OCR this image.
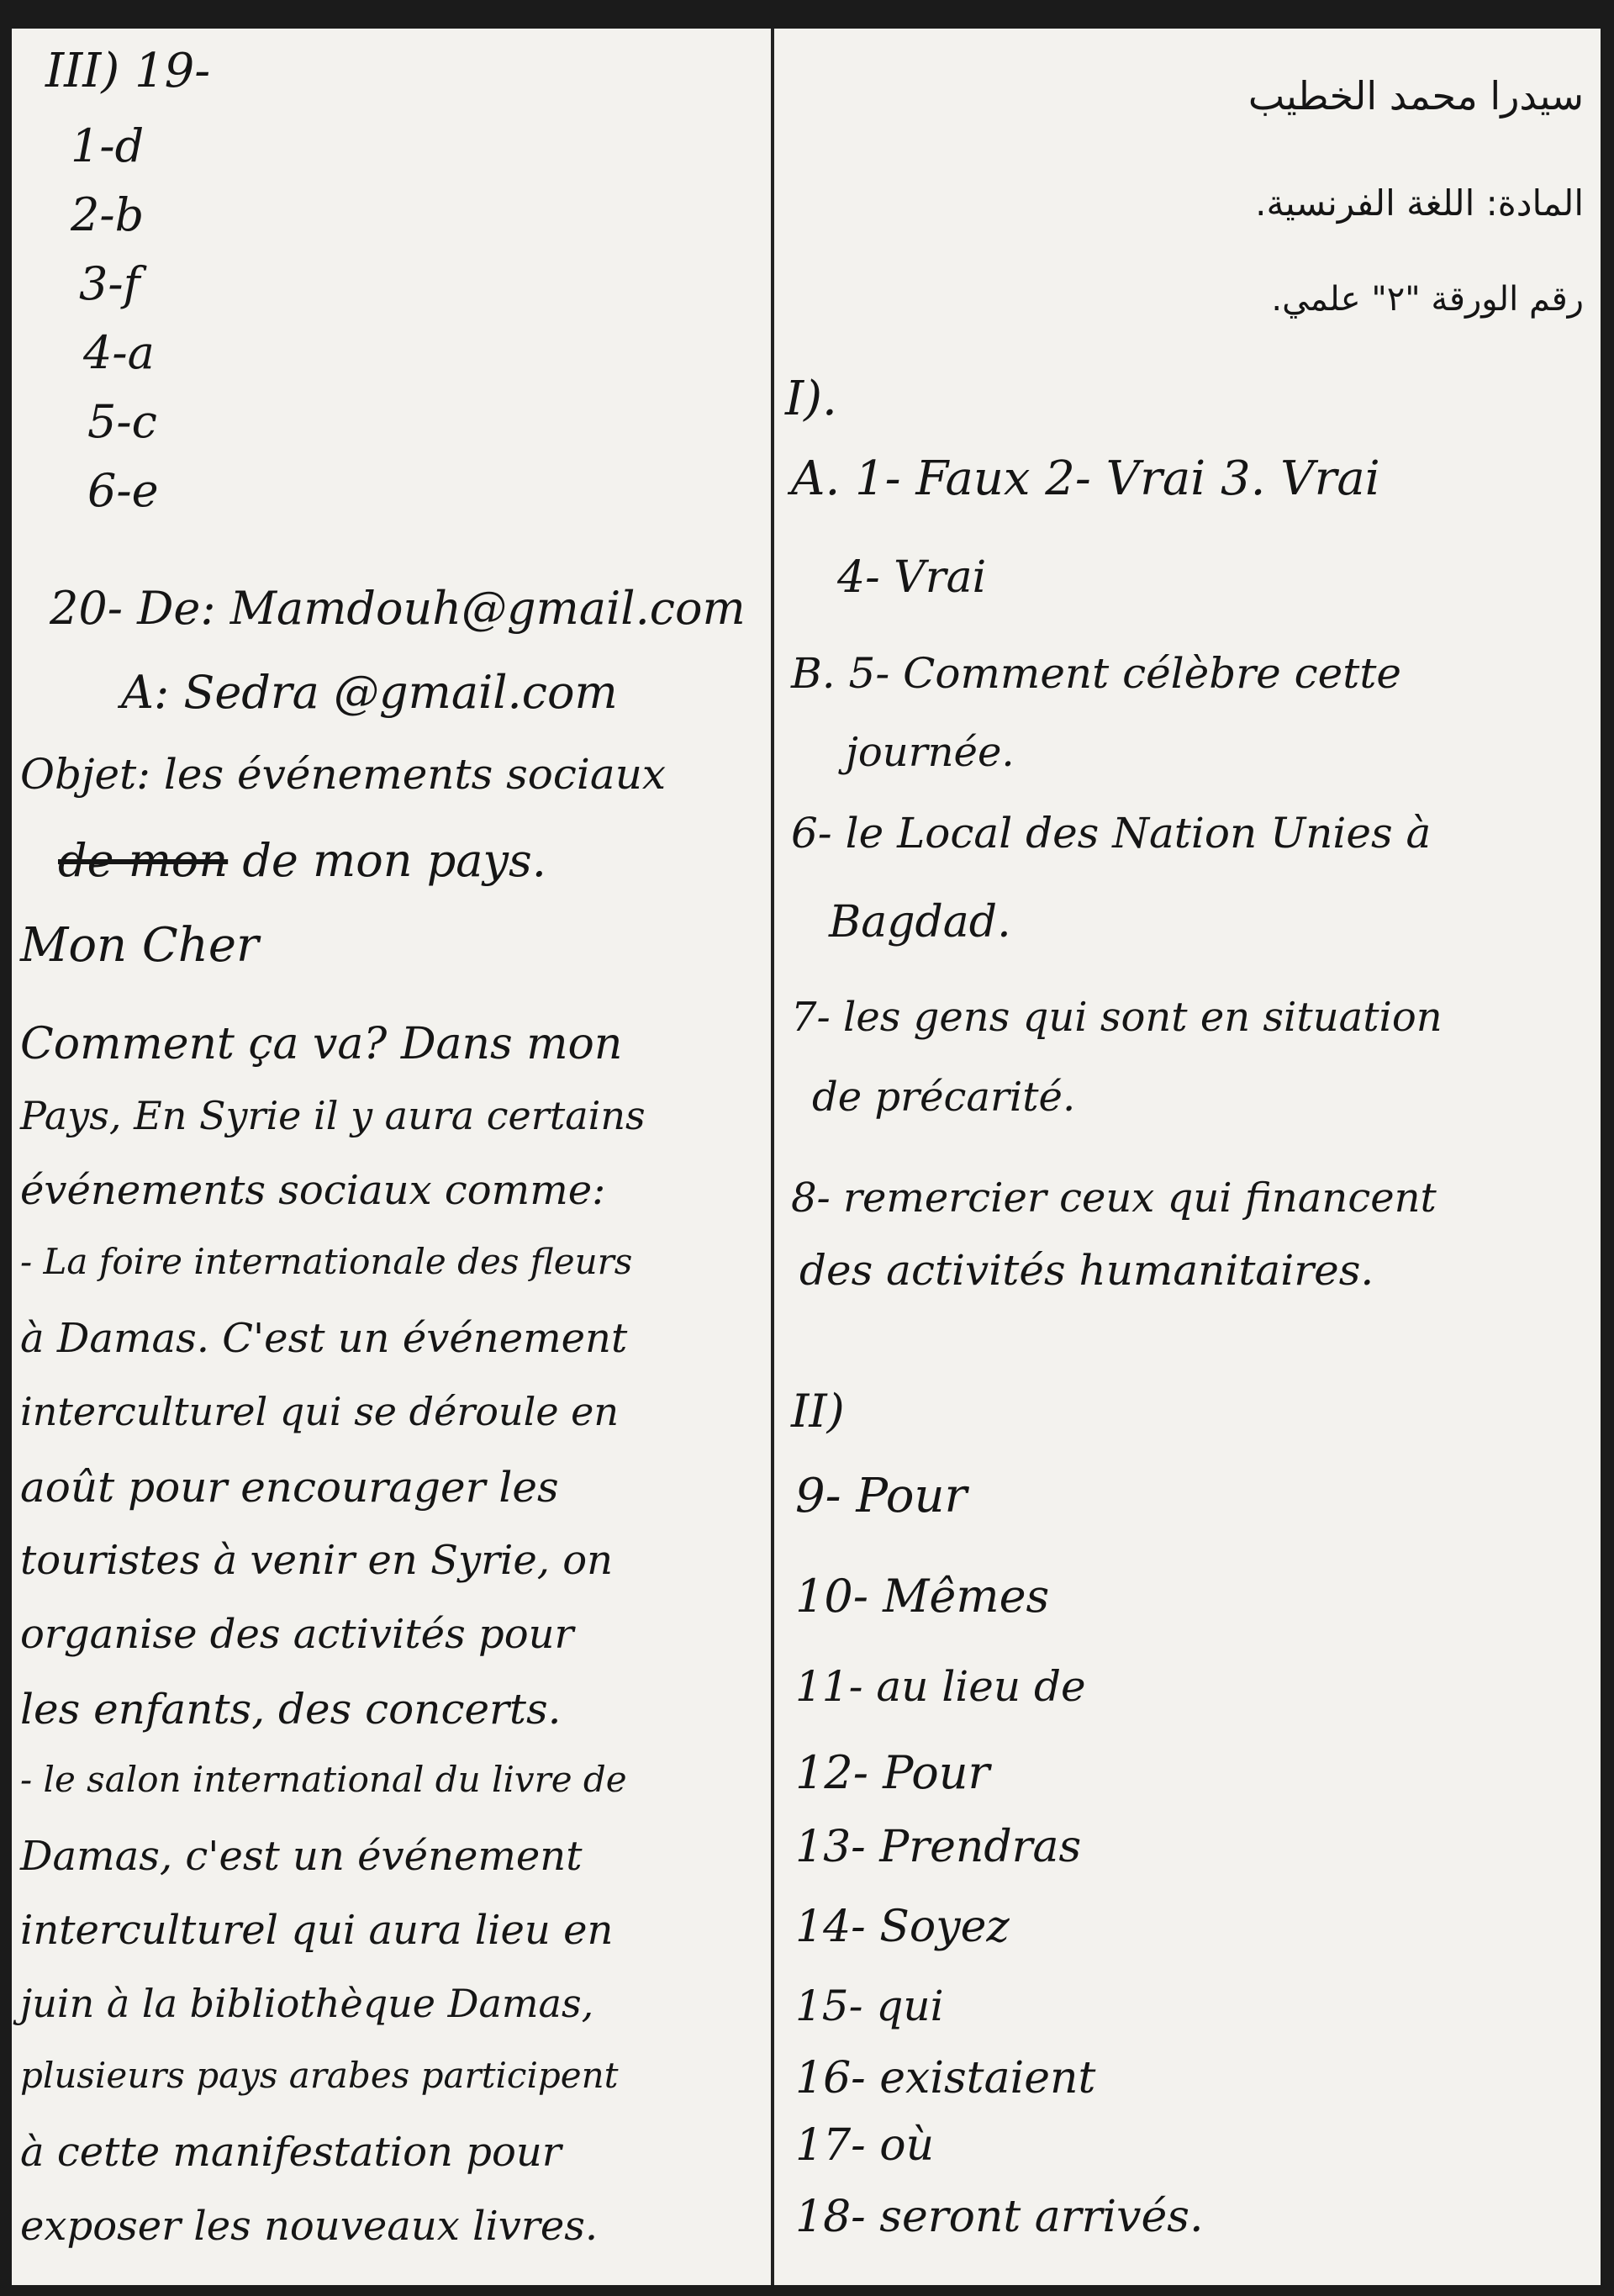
III) 19-
1-d
2-b
3-f
4-a
5-c
6-e
20- De: Mamdouh@gmail.com
A: Sedra @gmail.com
Objet: les événements sociaux
de mon de mon pays.
Mon Cher
Comment ça va? Dans mon
Pays, En Syrie il y aura certains
événements sociaux comme:
- La foire internationale des fleurs
à Damas. C'est un événement
interculturel qui se déroule en
août pour encourager les
touristes à venir en Syrie, on
organise des activités pour
les enfants, des concerts.
- le salon international du livre de
Damas, c'est un événement
interculturel qui aura lieu en
juin à la bibliothèque Damas,
plusieurs pays arabes participent
à cette manifestation pour
exposer les nouveaux livres.
سيدرا محمد الخطيب
المادة: اللغة الفرنسية.
رقم الورقة "٢" علمي.
I).
A. 1- Faux 2- Vrai 3. Vrai
4- Vrai
B. 5- Comment célèbre cette
journée.
6- le Local des Nation Unies à
Bagdad.
7- les gens qui sont en situation
de précarité.
8- remercier ceux qui financent
des activités humanitaires.
II)
9- Pour
10- Mêmes
11- au lieu de
12- Pour
13- Prendras
14- Soyez
15- qui
16- existaient
17- où
18- seront arrivés.
